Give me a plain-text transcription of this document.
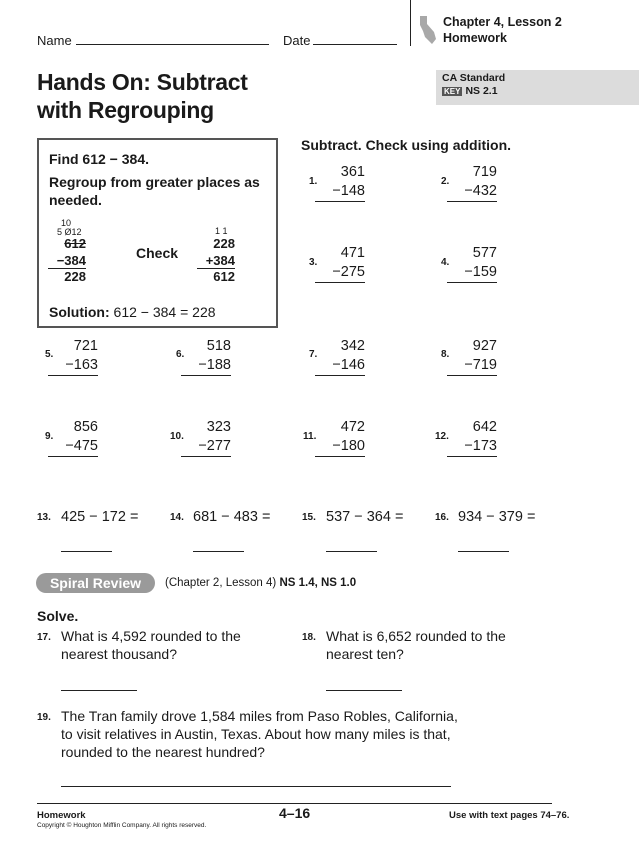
Name	Date
Chapter 4, Lesson 2
Homework
Hands On: Subtract
with Regrouping
CA Standard
KEY NS 2.1
Find 612 − 384.
Regroup from greater places as needed.
10
5 Ø12
612
−384
228
Check
1 1
228
+384
612
Solution: 612 − 384 = 228
Subtract. Check using addition.
1.
361
−148
2.
719
−432
3.
471
−275
4.
577
−159
5.
721
−163
6.
518
−188
7.
342
−146
8.
927
−719
9.
856
−475
10.
323
−277
11.
472
−180
12.
642
−173
13. 425 − 172 =	14. 681 − 483 =	15. 537 − 364 =	16. 934 − 379 =
Spiral Review	(Chapter 2, Lesson 4) NS 1.4, NS 1.0
Solve.
17. What is 4,592 rounded to the
nearest thousand?
18. What is 6,652 rounded to the
nearest ten?
19. The Tran family drove 1,584 miles from Paso Robles, California,
to visit relatives in Austin, Texas. About how many miles is that,
rounded to the nearest hundred?
Homework	4–16	Use with text pages 74–76.
Copyright © Houghton Mifflin Company. All rights reserved.
